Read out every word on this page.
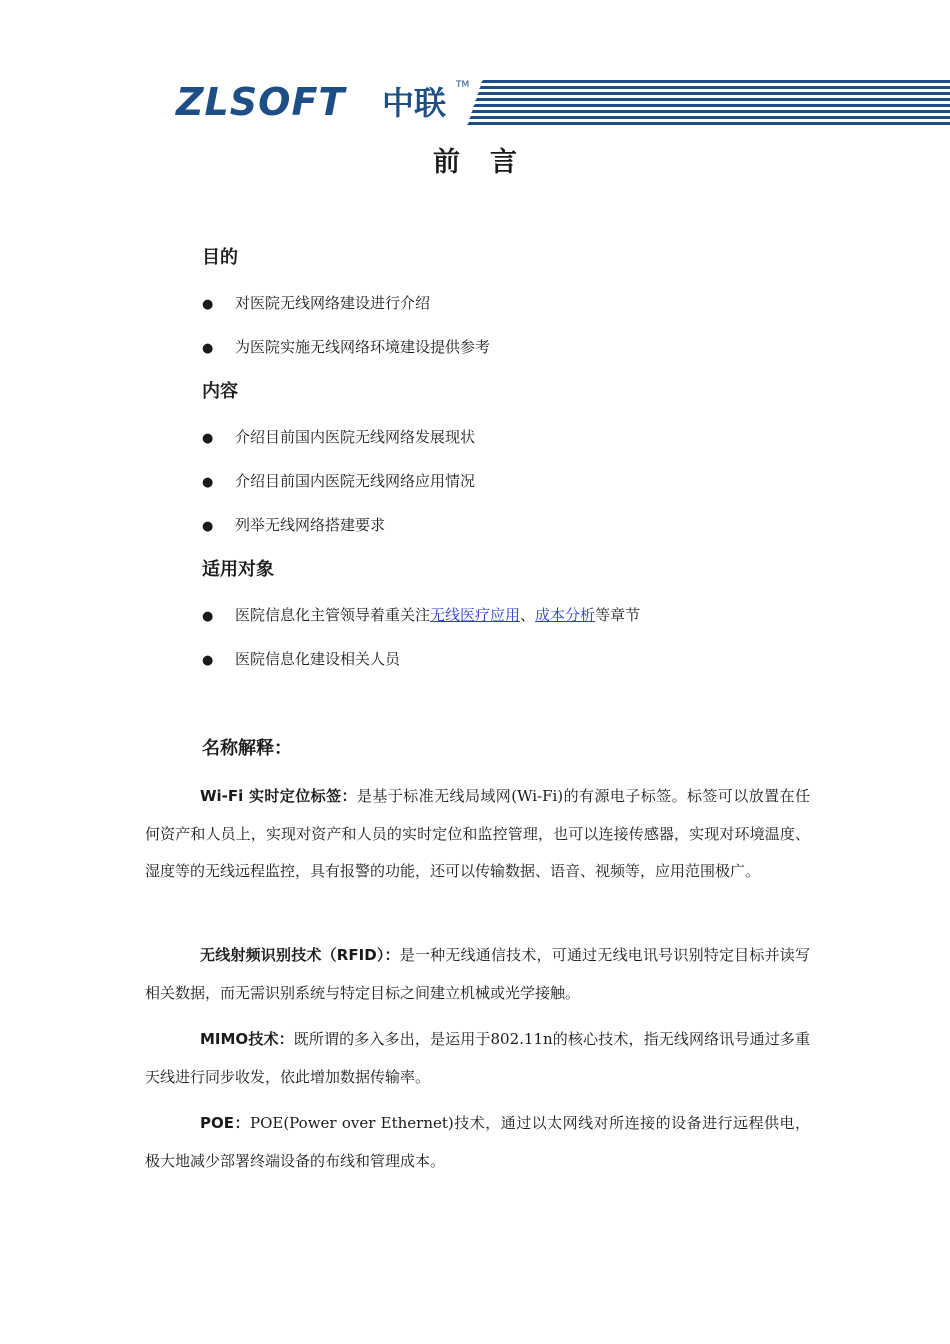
ZLSOFT 中联 TM
前言
目的
● 对医院无线网络建设进行介绍
● 为医院实施无线网络环境建设提供参考
内容
● 介绍目前国内医院无线网络发展现状
● 介绍目前国内医院无线网络应用情况
● 列举无线网络搭建要求
适用对象
● 医院信息化主管领导着重关注无线医疗应用、成本分析等章节
● 医院信息化建设相关人员
名称解释：
Wi-Fi 实时定位标签：是基于标准无线局域网(Wi-Fi)的有源电子标签。标签可以放置在任何资产和人员上，实现对资产和人员的实时定位和监控管理，也可以连接传感器，实现对环境温度、湿度等的无线远程监控，具有报警的功能，还可以传输数据、语音、视频等，应用范围极广。
无线射频识别技术（RFID）：是一种无线通信技术，可通过无线电讯号识别特定目标并读写相关数据，而无需识别系统与特定目标之间建立机械或光学接触。
MIMO技术：既所谓的多入多出，是运用于802.11n的核心技术，指无线网络讯号通过多重天线进行同步收发，依此增加数据传输率。
POE：POE(Power over Ethernet)技术，通过以太网线对所连接的设备进行远程供电，极大地减少部署终端设备的布线和管理成本。
